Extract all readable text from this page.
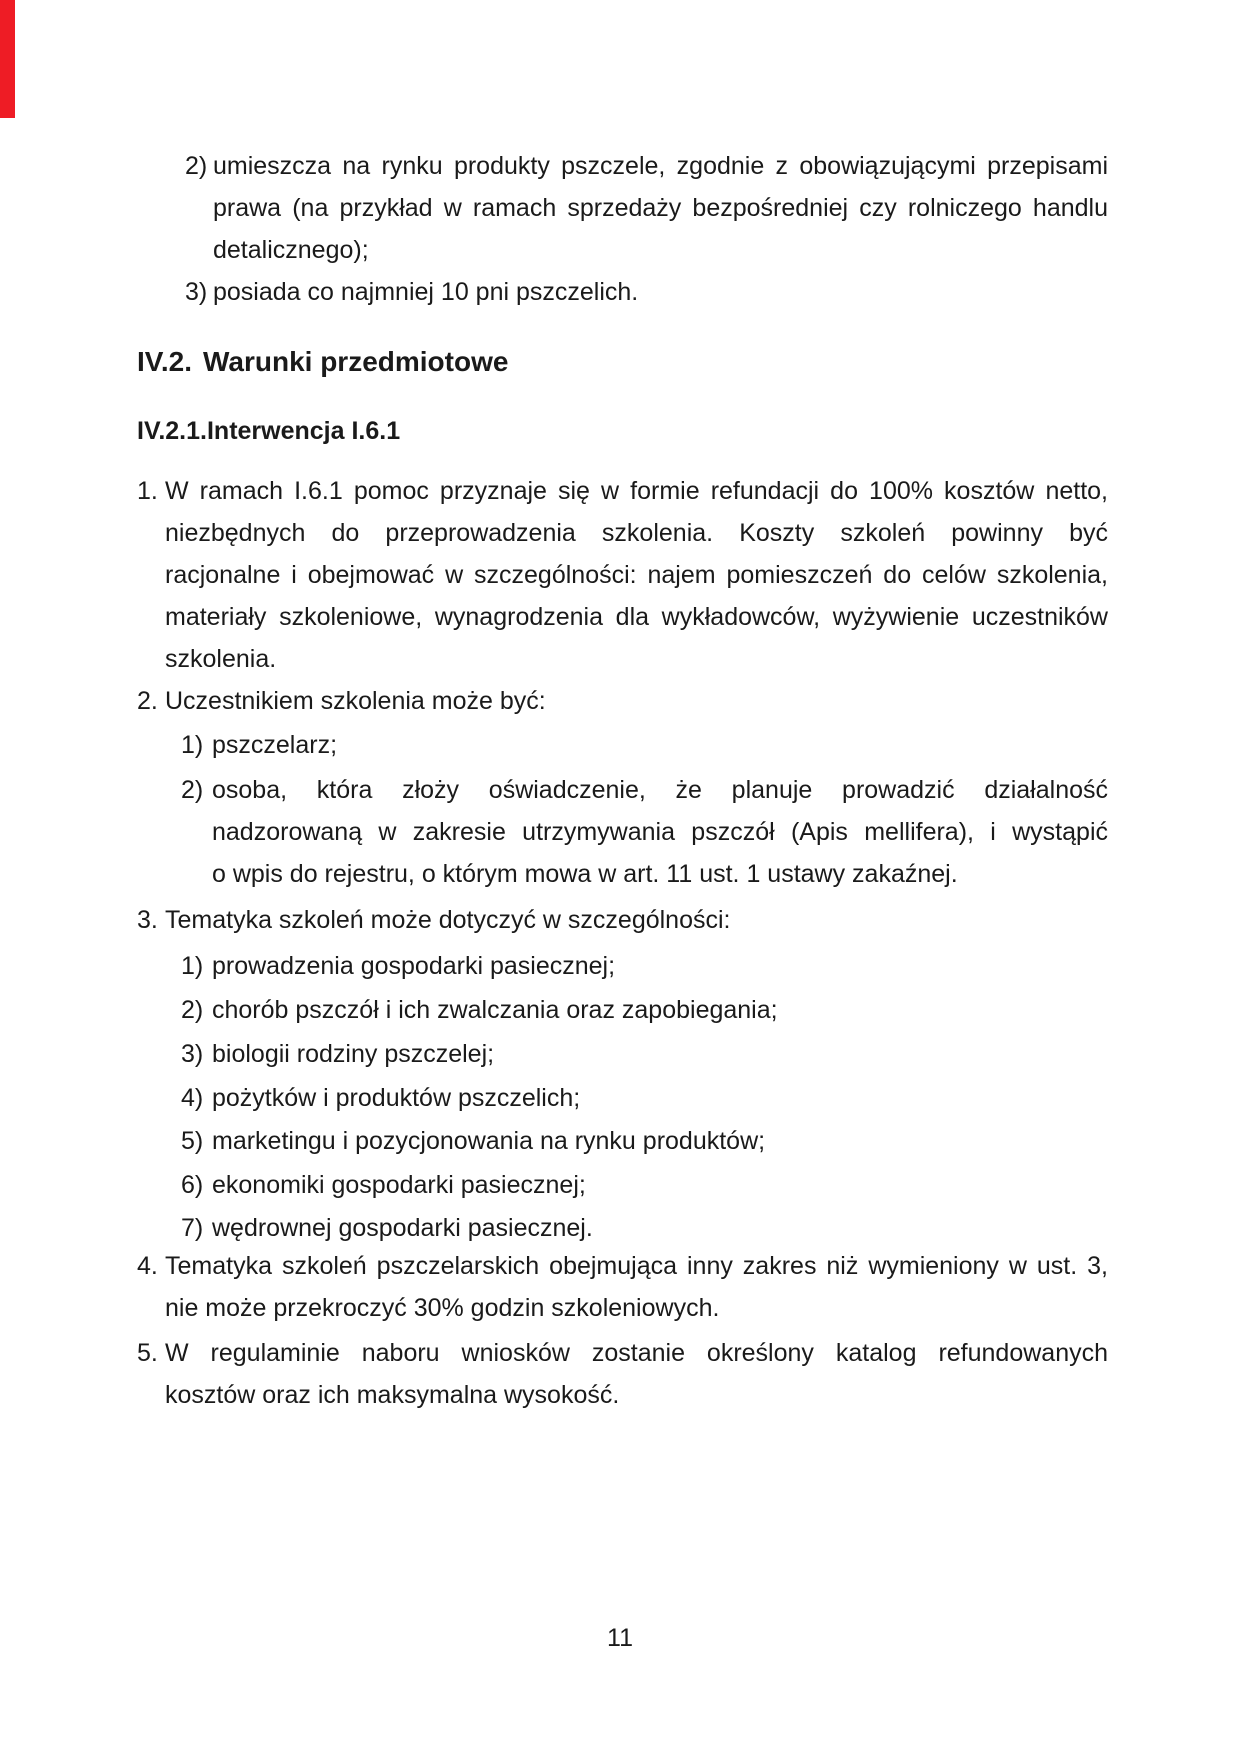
2) umieszcza na rynku produkty pszczele, zgodnie z obowiązującymi przepisami
prawa (na przykład w ramach sprzedaży bezpośredniej czy rolniczego handlu
detalicznego);
3) posiada co najmniej 10 pni pszczelich.
IV.2. Warunki przedmiotowe
IV.2.1.Interwencja I.6.1
1. W ramach I.6.1 pomoc przyznaje się w formie refundacji do 100% kosztów netto,
niezbędnych do przeprowadzenia szkolenia. Koszty szkoleń powinny być
racjonalne i obejmować w szczególności: najem pomieszczeń do celów szkolenia,
materiały szkoleniowe, wynagrodzenia dla wykładowców, wyżywienie uczestników
szkolenia.
2. Uczestnikiem szkolenia może być:
1) pszczelarz;
2) osoba, która złoży oświadczenie, że planuje prowadzić działalność
nadzorowaną w zakresie utrzymywania pszczół (Apis mellifera), i wystąpić
o wpis do rejestru, o którym mowa w art. 11 ust. 1 ustawy zakaźnej.
3. Tematyka szkoleń może dotyczyć w szczególności:
1) prowadzenia gospodarki pasiecznej;
2) chorób pszczół i ich zwalczania oraz zapobiegania;
3) biologii rodziny pszczelej;
4) pożytków i produktów pszczelich;
5) marketingu i pozycjonowania na rynku produktów;
6) ekonomiki gospodarki pasiecznej;
7) wędrownej gospodarki pasiecznej.
4. Tematyka szkoleń pszczelarskich obejmująca inny zakres niż wymieniony w ust. 3,
nie może przekroczyć 30% godzin szkoleniowych.
5. W regulaminie naboru wniosków zostanie określony katalog refundowanych
kosztów oraz ich maksymalna wysokość.
11
